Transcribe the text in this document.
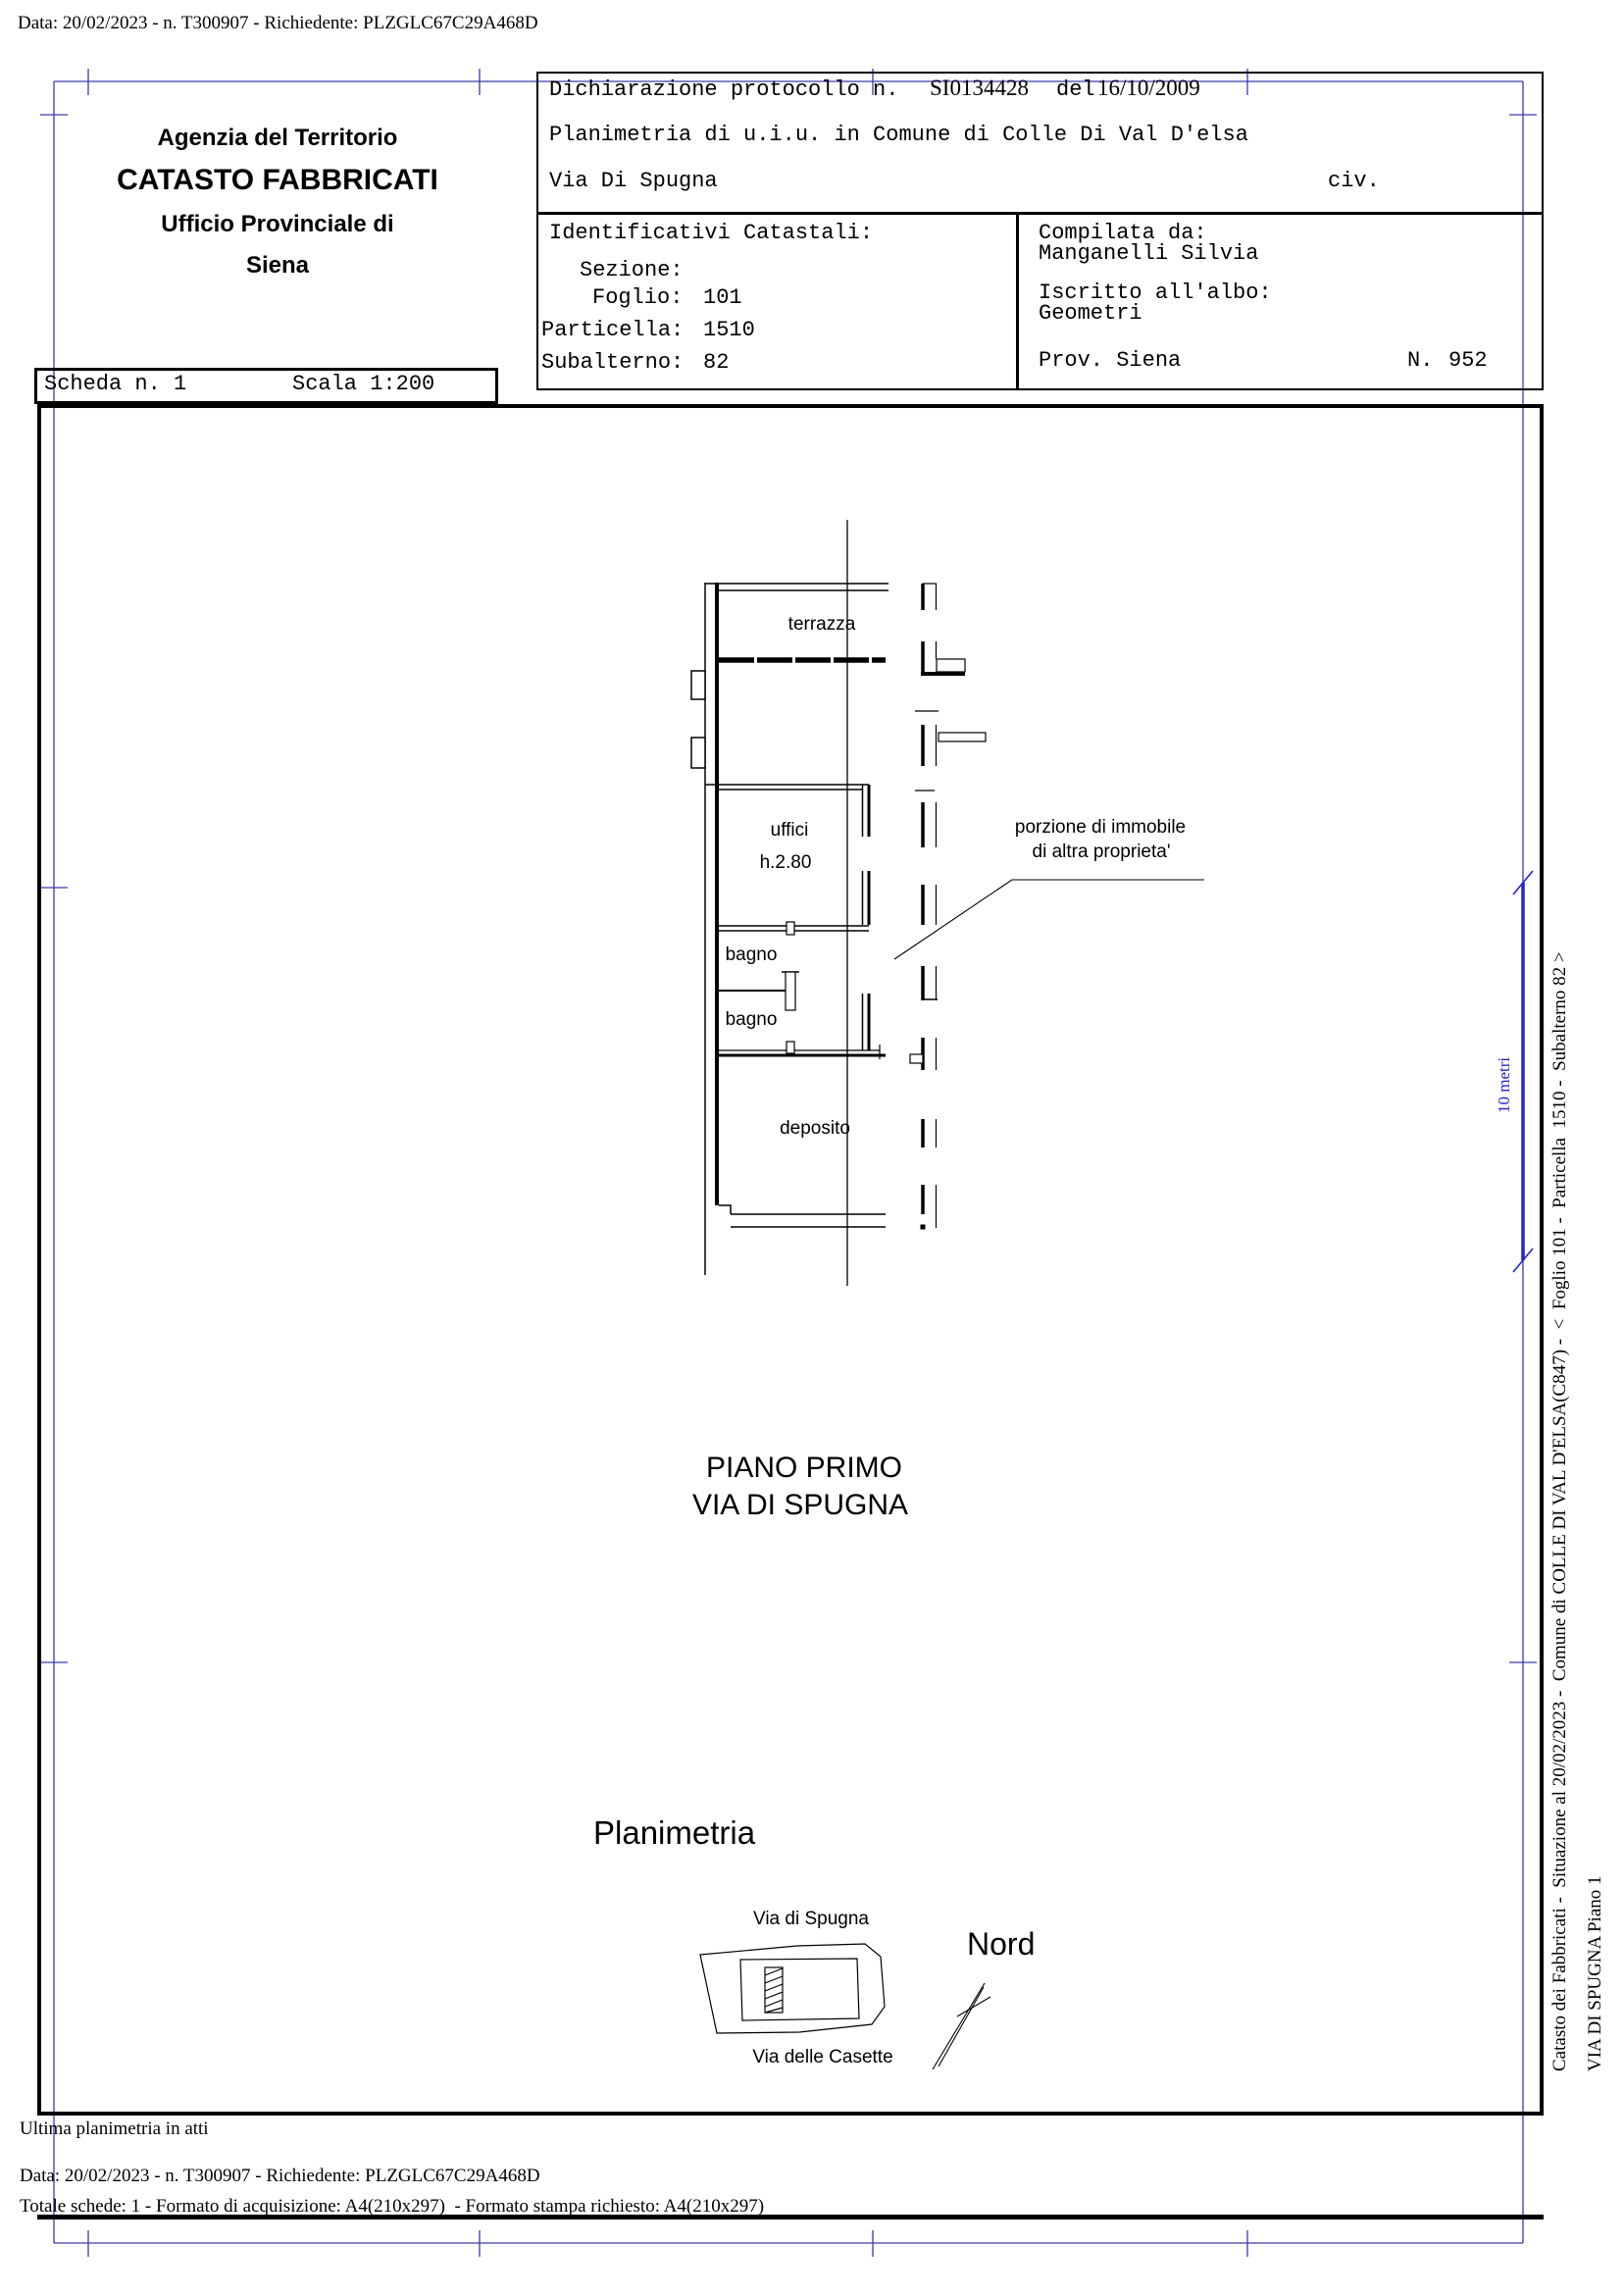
Data: 20/02/2023 - n. T300907 - Richiedente: PLZGLC67C29A468D
Agenzia del Territorio
CATASTO FABBRICATI
Ufficio Provinciale di
Siena
Dichiarazione protocollo n. SI0134428 del 16/10/2009
Planimetria di u.i.u. in Comune di Colle Di Val D'elsa
Via Di Spugna	civ.
Identificativi Catastali:
Sezione:
Foglio: 101
Particella: 1510
Subalterno: 82
Compilata da:
Manganelli Silvia
Iscritto all'albo:
Geometri
Prov. Siena	N. 952
Scheda n. 1	Scala 1:200
terrazza
uffici
h.2.80
bagno
bagno
deposito
porzione di immobile
di altra proprieta'
PIANO PRIMO
VIA DI SPUGNA
Planimetria
Via di Spugna
Via delle Casette
Nord
10 metri Catasto dei Fabbricati -  Situazione al 20/02/2023 -  Comune di COLLE DI VAL D'ELSA(C847) -  <  Foglio 101 -  Particella  1510 -  Subalterno 82 > VIA DI SPUGNA Piano 1
Ultima planimetria in atti
Data: 20/02/2023 - n. T300907 - Richiedente: PLZGLC67C29A468D
Totale schede: 1 - Formato di acquisizione: A4(210x297)  - Formato stampa richiesto: A4(210x297)
